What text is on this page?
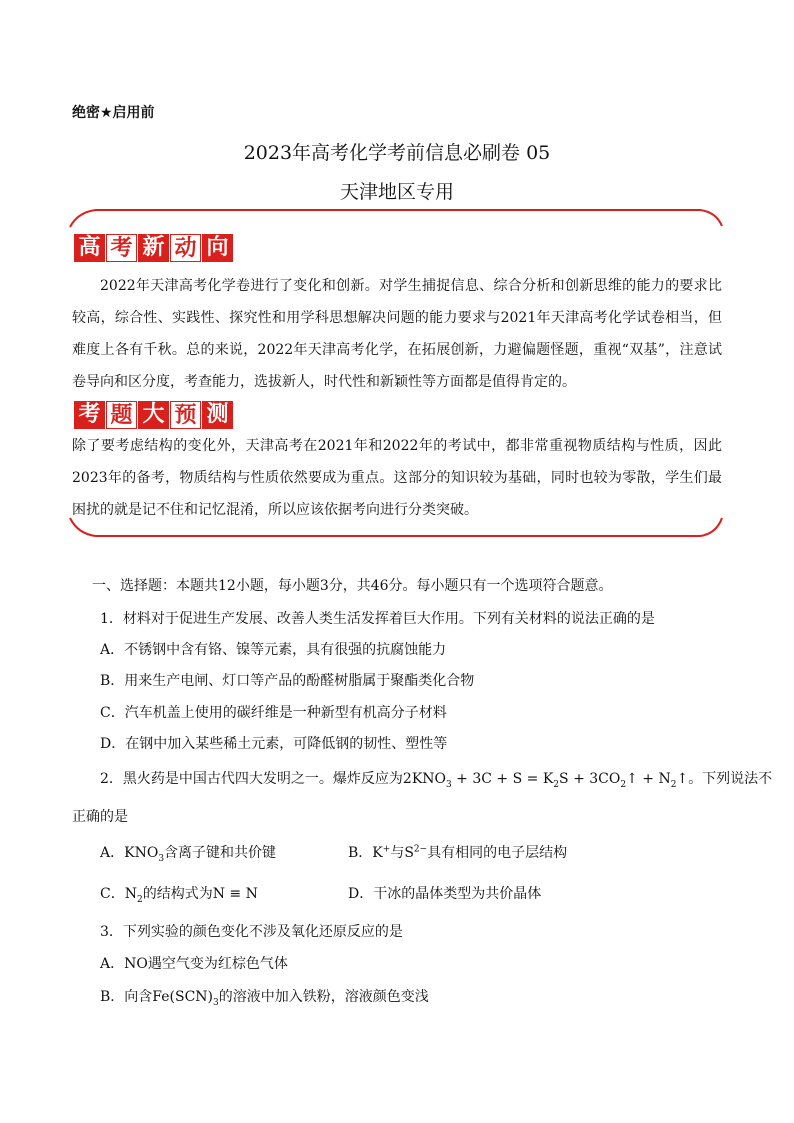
绝密★启用前
2023年高考化学考前信息必刷卷 05
天津地区专用
高 考 新 动 向
2022年天津高考化学卷进行了变化和创新。对学生捕捉信息、综合分析和创新思维的能力的要求比较高，综合性、实践性、探究性和用学科思想解决问题的能力要求与2021年天津高考化学试卷相当，但难度上各有千秋。总的来说，2022年天津高考化学，在拓展创新，力避偏题怪题，重视“双基”，注意试卷导向和区分度，考查能力，选拔新人，时代性和新颖性等方面都是值得肯定的。
考 题 大 预 测
除了要考虑结构的变化外，天津高考在2021年和2022年的考试中，都非常重视物质结构与性质，因此2023年的备考，物质结构与性质依然要成为重点。这部分的知识较为基础，同时也较为零散，学生们最困扰的就是记不住和记忆混淆，所以应该依据考向进行分类突破。
一、选择题：本题共12小题，每小题3分，共46分。每小题只有一个选项符合题意。
1．材料对于促进生产发展、改善人类生活发挥着巨大作用。下列有关材料的说法正确的是
A．不锈钢中含有铬、镍等元素，具有很强的抗腐蚀能力
B．用来生产电闸、灯口等产品的酚醛树脂属于聚酯类化合物
C．汽车机盖上使用的碳纤维是一种新型有机高分子材料
D．在钢中加入某些稀土元素，可降低钢的韧性、塑性等
2．黑火药是中国古代四大发明之一。爆炸反应为$2KNO_3 + 3C + S = K_2S$ + $3CO_2↑$ + $N_2↑$。下列说法不
正确的是
A．$KNO_3$含离子键和共价键	B．K+与$S^{2-}$具有相同的电子层结构
C．$N_2$的结构式为N ≡ N	D．干冰的晶体类型为共价晶体
3．下列实验的颜色变化不涉及氧化还原反应的是
A．NO遇空气变为红棕色气体
B．向含$Fe(SCN)_3$的溶液中加入铁粉，溶液颜色变浅
